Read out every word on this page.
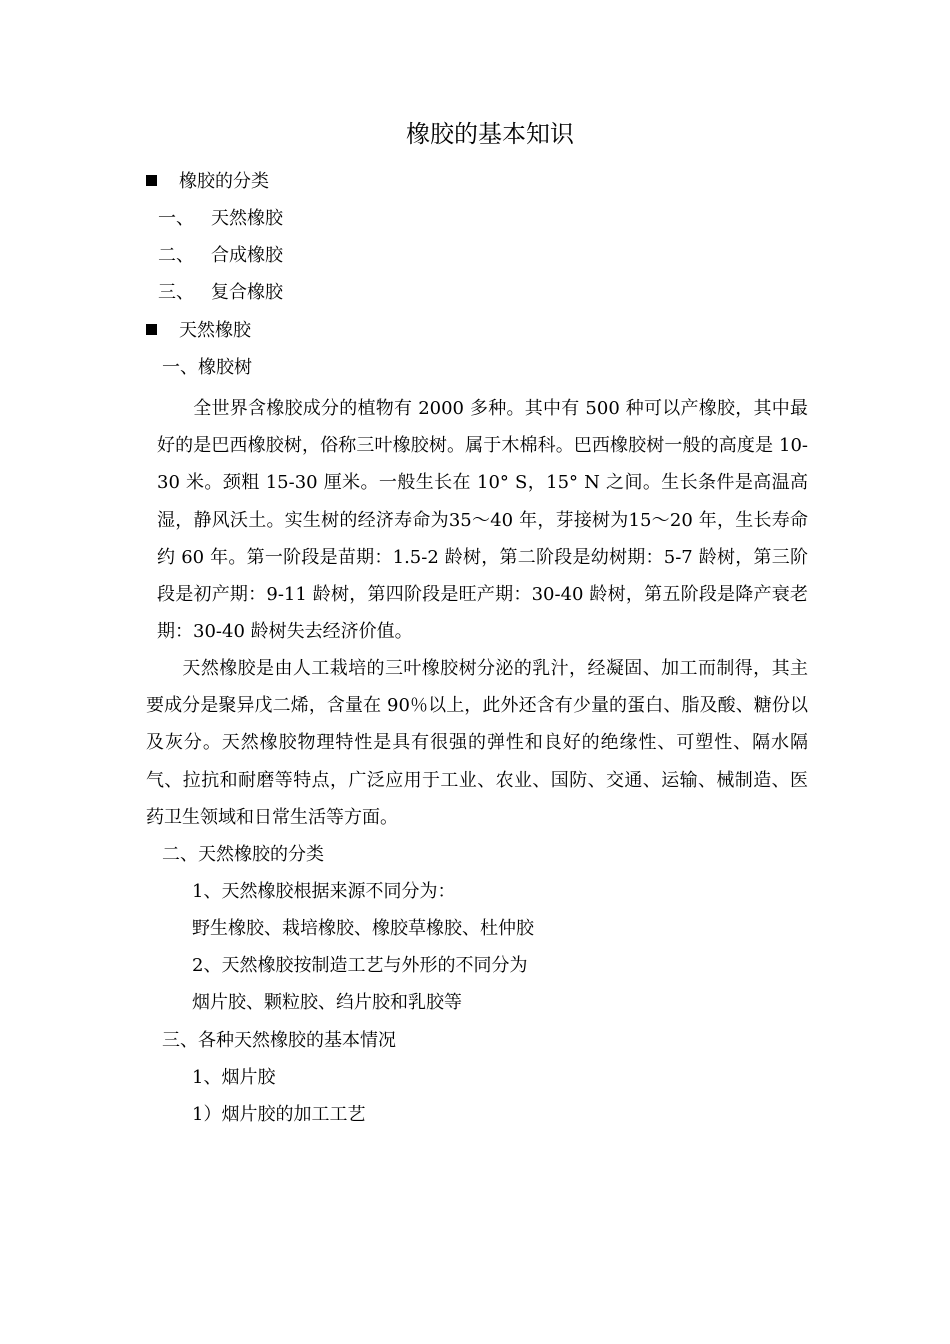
橡胶的基本知识
橡胶的分类
一、 天然橡胶
二、 合成橡胶
三、 复合橡胶
天然橡胶
一、橡胶树

全世界含橡胶成分的植物有 2000 多种。其中有 500 种可以产橡胶，其中最好的是巴西橡胶树，俗称三叶橡胶树。属于木棉科。巴西橡胶树一般的高度是 10-30 米。颈粗 15-30 厘米。一般生长在 10° S，15° N 之间。生长条件是高温高湿，静风沃土。实生树的经济寿命为35～40 年，芽接树为15～20 年，生长寿命约 60 年。第一阶段是苗期：1.5-2 龄树，第二阶段是幼树期：5-7 龄树，第三阶段是初产期：9-11 龄树，第四阶段是旺产期：30-40 龄树，第五阶段是降产衰老期：30-40 龄树失去经济价值。

天然橡胶是由人工栽培的三叶橡胶树分泌的乳汁，经凝固、加工而制得，其主要成分是聚异戊二烯，含量在 90％以上，此外还含有少量的蛋白、脂及酸、糖份以及灰分。天然橡胶物理特性是具有很强的弹性和良好的绝缘性、可塑性、隔水隔气、拉抗和耐磨等特点，广泛应用于工业、农业、国防、交通、运输、械制造、医药卫生领域和日常生活等方面。

二、天然橡胶的分类
1、天然橡胶根据来源不同分为：
野生橡胶、栽培橡胶、橡胶草橡胶、杜仲胶
2、天然橡胶按制造工艺与外形的不同分为
烟片胶、颗粒胶、绉片胶和乳胶等
三、各种天然橡胶的基本情况
1、烟片胶
1）烟片胶的加工工艺
